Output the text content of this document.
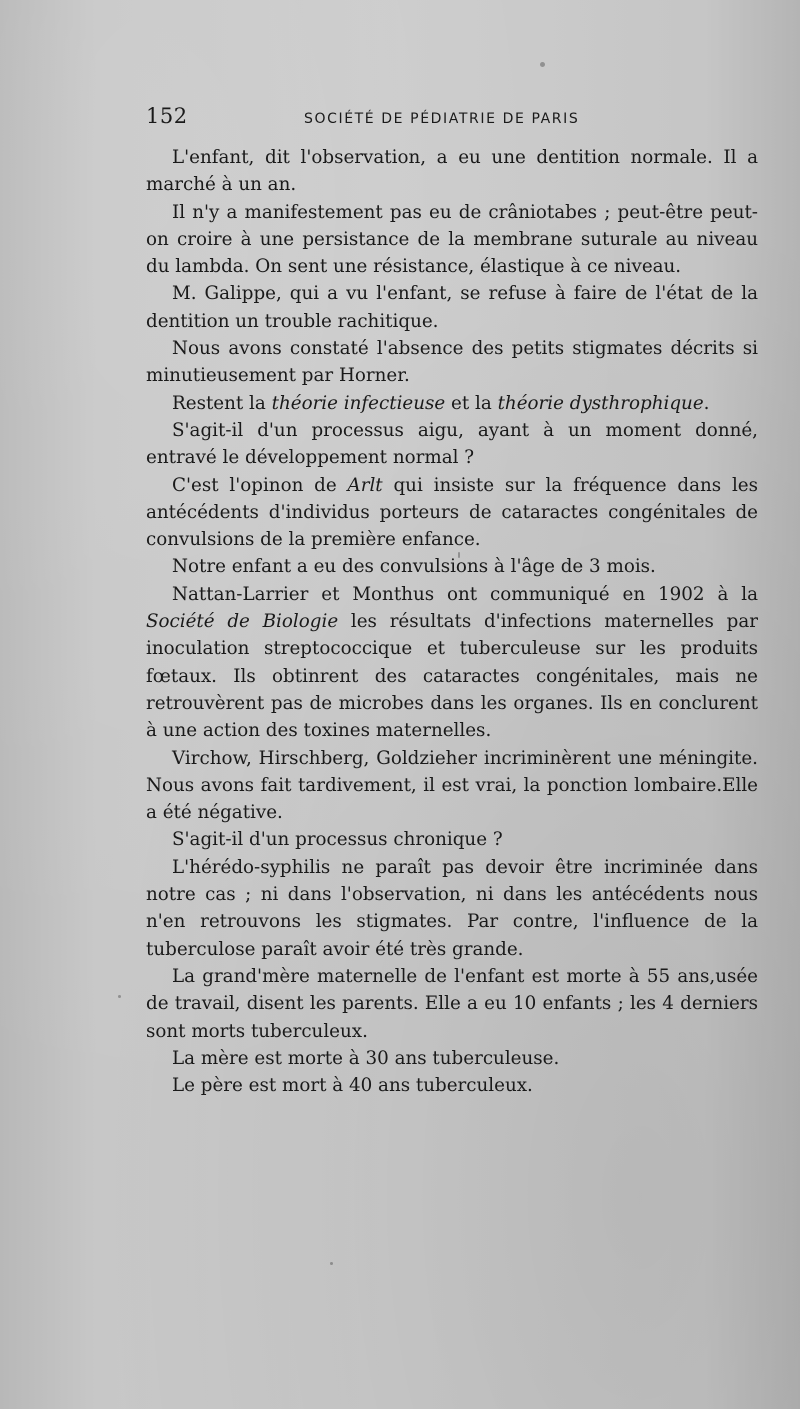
152	SOCIÉTÉ DE PÉDIATRIE DE PARIS

L'enfant, dit l'observation, a eu une dentition normale. Il a marché à un an.

Il n'y a manifestement pas eu de crâniotabes ; peut-être peut-on croire à une persistance de la membrane suturale au niveau du lambda. On sent une résistance, élastique à ce niveau.

M. Galippe, qui a vu l'enfant, se refuse à faire de l'état de la dentition un trouble rachitique.

Nous avons constaté l'absence des petits stigmates décrits si minutieusement par Horner.

Restent la théorie infectieuse et la théorie dysthrophique.

S'agit-il d'un processus aigu, ayant à un moment donné, entravé le développement normal ?

C'est l'opinon de Arlt qui insiste sur la fréquence dans les antécédents d'individus porteurs de cataractes congénitales de convulsions de la première enfance.

Notre enfant a eu des convulsions à l'âge de 3 mois.

Nattan-Larrier et Monthus ont communiqué en 1902 à la Société de Biologie les résultats d'infections maternelles par inoculation streptococcique et tuberculeuse sur les produits fœtaux. Ils obtinrent des cataractes congénitales, mais ne retrouvèrent pas de microbes dans les organes. Ils en conclurent à une action des toxines maternelles.

Virchow, Hirschberg, Goldzieher incriminèrent une méningite. Nous avons fait tardivement, il est vrai, la ponction lombaire.Elle a été négative.

S'agit-il d'un processus chronique ?

L'hérédo-syphilis ne paraît pas devoir être incriminée dans notre cas ; ni dans l'observation, ni dans les antécédents nous n'en retrouvons les stigmates. Par contre, l'influence de la tuberculose paraît avoir été très grande.

La grand'mère maternelle de l'enfant est morte à 55 ans,usée de travail, disent les parents. Elle a eu 10 enfants ; les 4 derniers sont morts tuberculeux.

La mère est morte à 30 ans tuberculeuse.

Le père est mort à 40 ans tuberculeux.
